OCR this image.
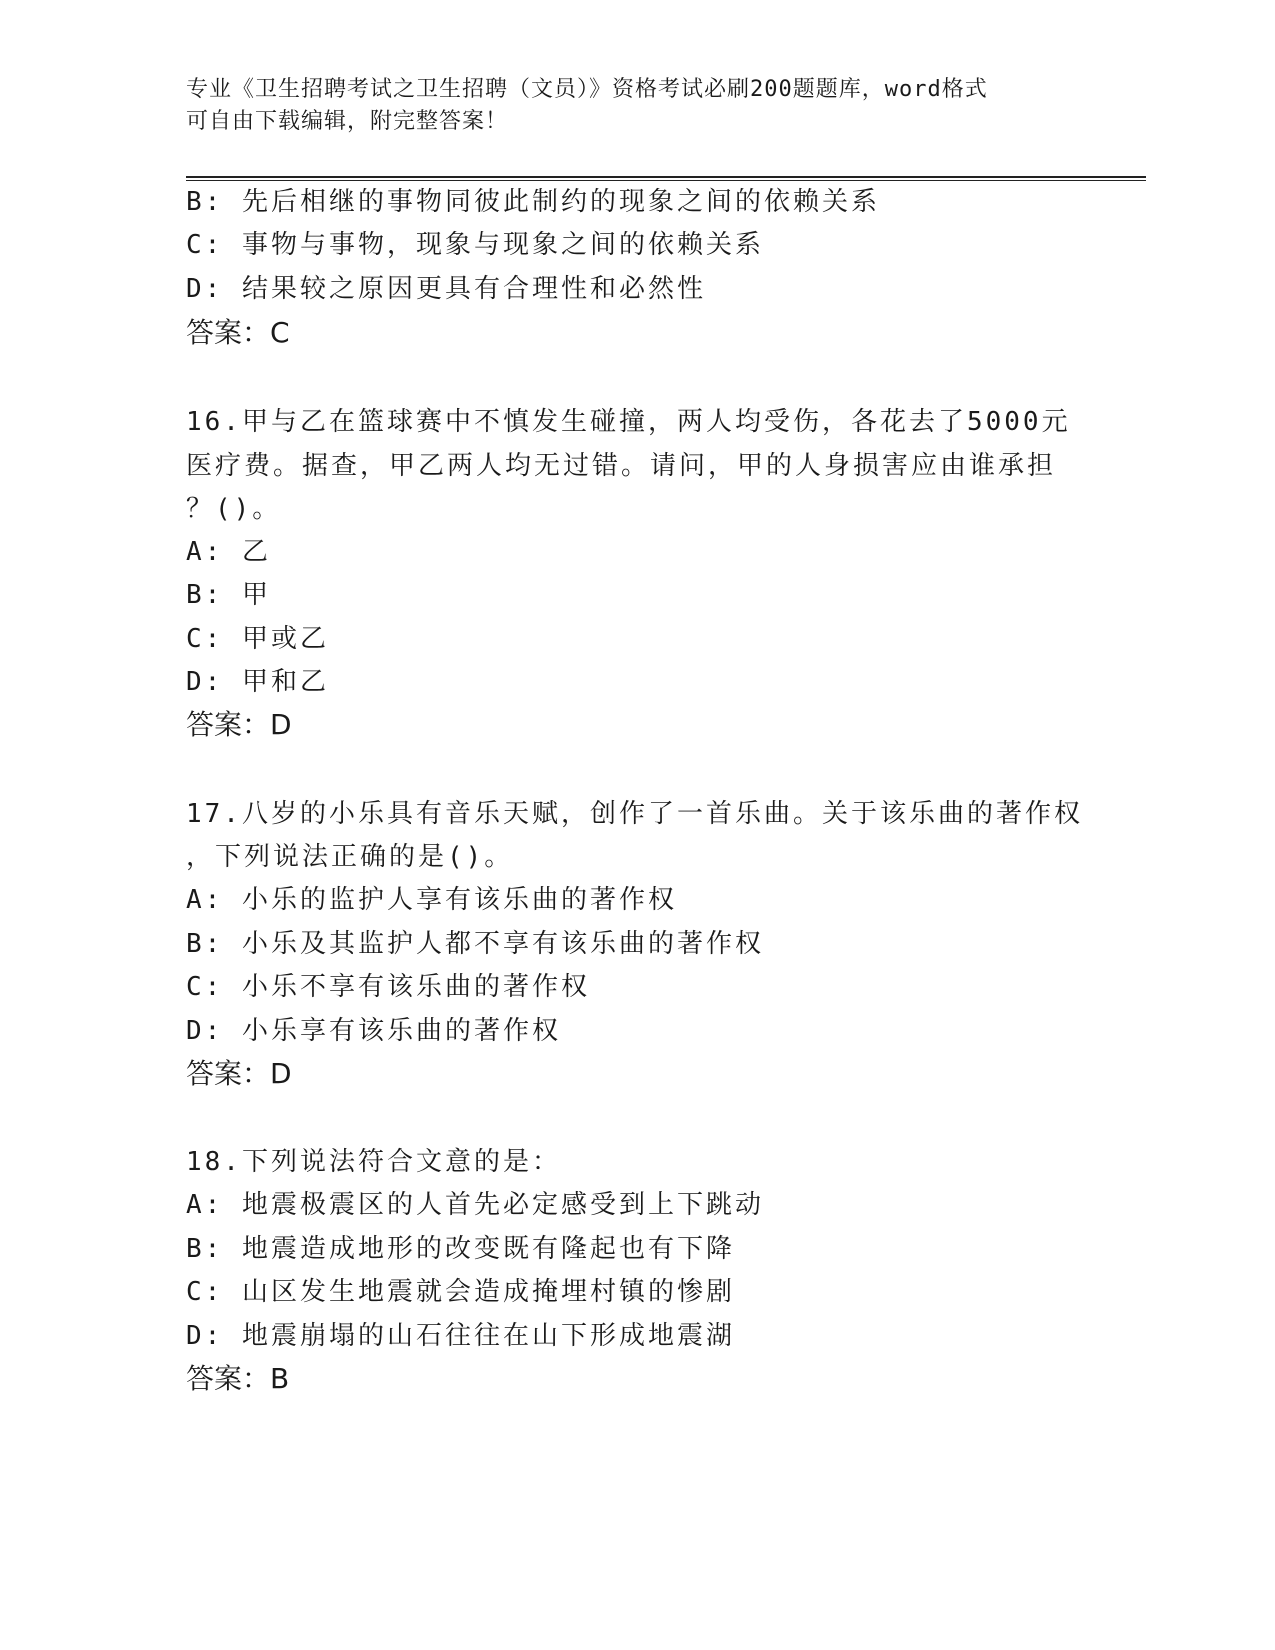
专业《卫生招聘考试之卫生招聘（文员）》资格考试必刷200题题库，word格式
可自由下载编辑，附完整答案！
B: 先后相继的事物同彼此制约的现象之间的依赖关系
C: 事物与事物，现象与现象之间的依赖关系
D: 结果较之原因更具有合理性和必然性
答案：C
16.甲与乙在篮球赛中不慎发生碰撞，两人均受伤，各花去了5000元
医疗费。据查，甲乙两人均无过错。请问，甲的人身损害应由谁承担
？()。
A: 乙
B: 甲
C: 甲或乙
D: 甲和乙
答案：D
17.八岁的小乐具有音乐天赋，创作了一首乐曲。关于该乐曲的著作权
，下列说法正确的是()。
A: 小乐的监护人享有该乐曲的著作权
B: 小乐及其监护人都不享有该乐曲的著作权
C: 小乐不享有该乐曲的著作权
D: 小乐享有该乐曲的著作权
答案：D
18.下列说法符合文意的是：
A: 地震极震区的人首先必定感受到上下跳动
B: 地震造成地形的改变既有隆起也有下降
C: 山区发生地震就会造成掩埋村镇的惨剧
D: 地震崩塌的山石往往在山下形成地震湖
答案：B
